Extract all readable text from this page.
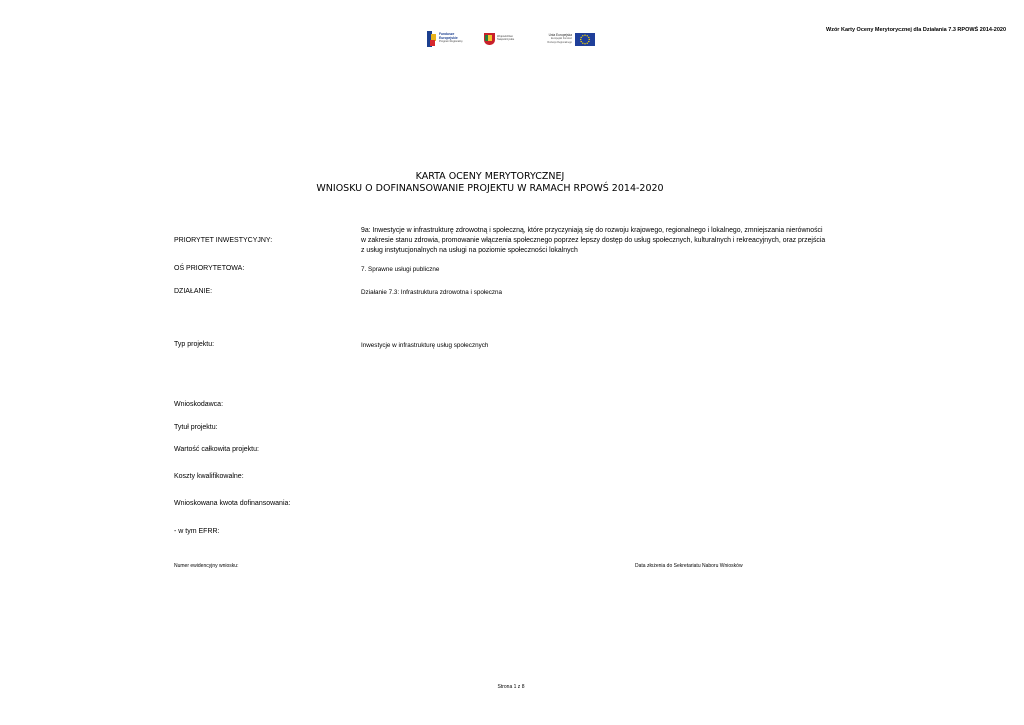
Wzór Karty Oceny Merytorycznej dla Działania 7.3 RPOWŚ 2014-2020
Fundusze
Europejskie
Program Regionalny
Województwo
Świętokrzyskie
Unia Europejska
Europejski Fundusz
Rozwoju Regionalnego
KARTA OCENY MERYTORYCZNEJ
WNIOSKU O DOFINANSOWANIE PROJEKTU W RAMACH RPOWŚ 2014-2020
PRIORYTET INWESTYCYJNY:
9a: Inwestycje w infrastrukturę zdrowotną i społeczną, które przyczyniają się do rozwoju krajowego, regionalnego i lokalnego, zmniejszania nierówności w zakresie stanu zdrowia, promowanie włączenia społecznego poprzez lepszy dostęp do usług społecznych, kulturalnych i rekreacyjnych, oraz przejścia z usług instytucjonalnych na usługi na poziomie społeczności lokalnych
OŚ PRIORYTETOWA:	7. Sprawne usługi publiczne
DZIAŁANIE:	Działanie 7.3: Infrastruktura zdrowotna i społeczna
Typ projektu:	Inwestycje w infrastrukturę usług społecznych
Wnioskodawca:
Tytuł projektu:
Wartość całkowita projektu:
Koszty kwalifikowalne:
Wnioskowana kwota dofinansowania:
- w tym EFRR:
Numer ewidencyjny wniosku:	Data złożenia do Sekretariatu Naboru Wniosków
Strona 1 z 8
